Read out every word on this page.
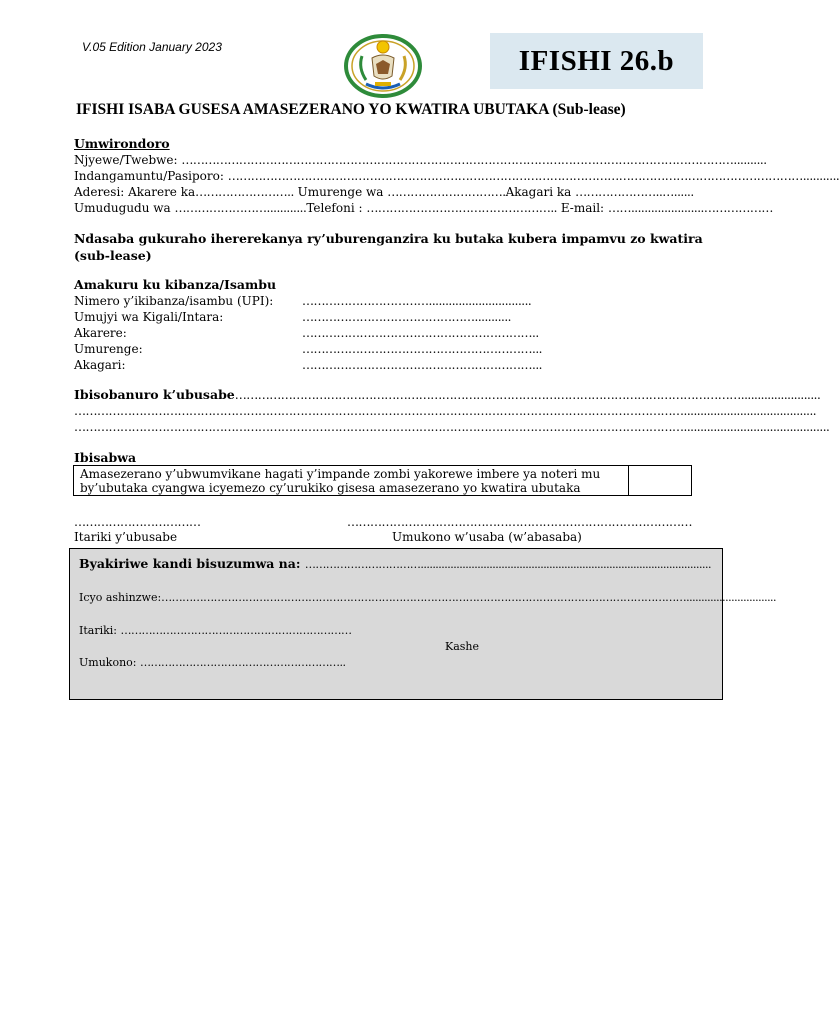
V.05 Edition January 2023	IFISHI 26.b
IFISHI ISABA GUSESA AMASEZERANO YO KWATIRA UBUTAKA (Sub-lease)
Umwirondoro
Njyewe/Twebwe: ………………………………………………………………………………………………………………………………..........
Indangamuntu/Pasiporo: ……………………………………………………………………………………………………………………………………...........
Aderesi: Akarere ka…………………….. Umurenge wa ………………………….Akagari ka …………………..…......
Umudugudu wa ……………………............Telefoni : ………………………………………….. E-mail: ……......................………………
Ndasaba gukuraho ihererekanya ry’uburenganzira ku butaka kubera impamvu zo kwatira (sub-lease)
Amakuru ku kibanza/Isambu
Nimero y’ikibanza/isambu (UPI): ……………………………...............................
Umujyi wa Kigali/Intara:	………………………………………...........
Akarere:	……………………………………………………..
Umurenge:	……………………………………………………...
Akagari:	……………………………………………………...
Ibisobanuro k’ubusabe……………………………………………………………………………………………………………………........................
……………………………………………………………………………………………………………………………………………........................................
……………………………………………………………………………………………………………………………………………............................................
Ibisabwa
Amasezerano y’ubwumvikane hagati y’impande zombi yakorewe imbere ya noteri mu by’ubutaka cyangwa icyemezo cy’urukiko gisesa amasezerano yo kwatira ubutaka
……………………………
Itariki y’ubusabe
………………………………………………………………………………
Umukono w’usaba (w’abasaba)
Byakiriwe kandi bisuzumwa na: …………………………….................................................................................................
Icyo ashinzwe:……………………………………………………………………………………………………………………………………..............................
Itariki: …………………………………………………………
Kashe
Umukono: …………………………………………………..
